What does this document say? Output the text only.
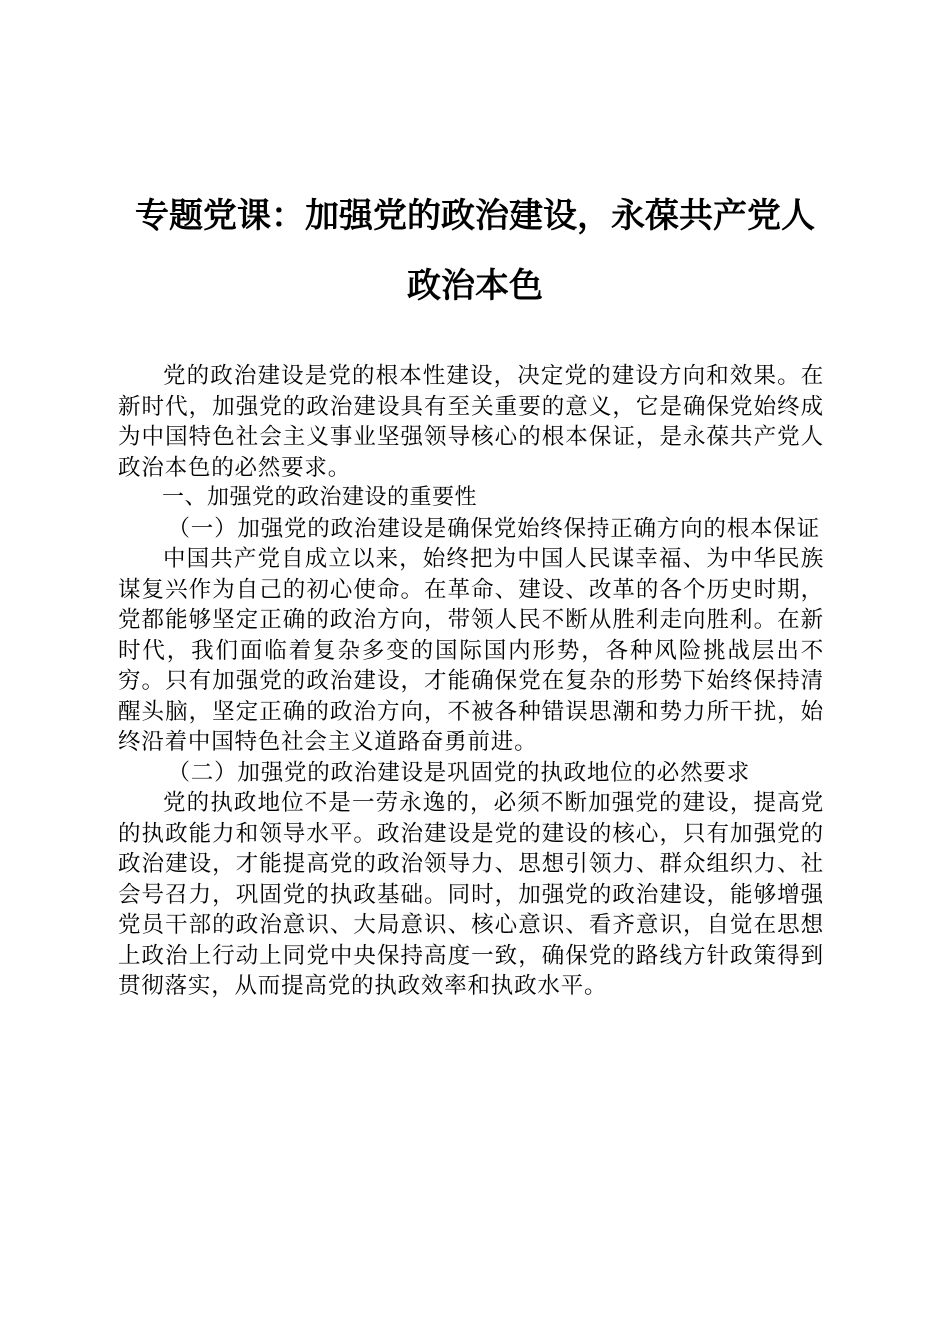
专题党课：加强党的政治建设，永葆共产党人
政治本色

党的政治建设是党的根本性建设，决定党的建设方向和效果。在新时代，加强党的政治建设具有至关重要的意义，它是确保党始终成为中国特色社会主义事业坚强领导核心的根本保证，是永葆共产党人政治本色的必然要求。

一、加强党的政治建设的重要性

（一）加强党的政治建设是确保党始终保持正确方向的根本保证

中国共产党自成立以来，始终把为中国人民谋幸福、为中华民族谋复兴作为自己的初心使命。在革命、建设、改革的各个历史时期，党都能够坚定正确的政治方向，带领人民不断从胜利走向胜利。在新时代，我们面临着复杂多变的国际国内形势，各种风险挑战层出不穷。只有加强党的政治建设，才能确保党在复杂的形势下始终保持清醒头脑，坚定正确的政治方向，不被各种错误思潮和势力所干扰，始终沿着中国特色社会主义道路奋勇前进。

（二）加强党的政治建设是巩固党的执政地位的必然要求

党的执政地位不是一劳永逸的，必须不断加强党的建设，提高党的执政能力和领导水平。政治建设是党的建设的核心，只有加强党的政治建设，才能提高党的政治领导力、思想引领力、群众组织力、社会号召力，巩固党的执政基础。同时，加强党的政治建设，能够增强党员干部的政治意识、大局意识、核心意识、看齐意识，自觉在思想上政治上行动上同党中央保持高度一致，确保党的路线方针政策得到贯彻落实，从而提高党的执政效率和执政水平。
